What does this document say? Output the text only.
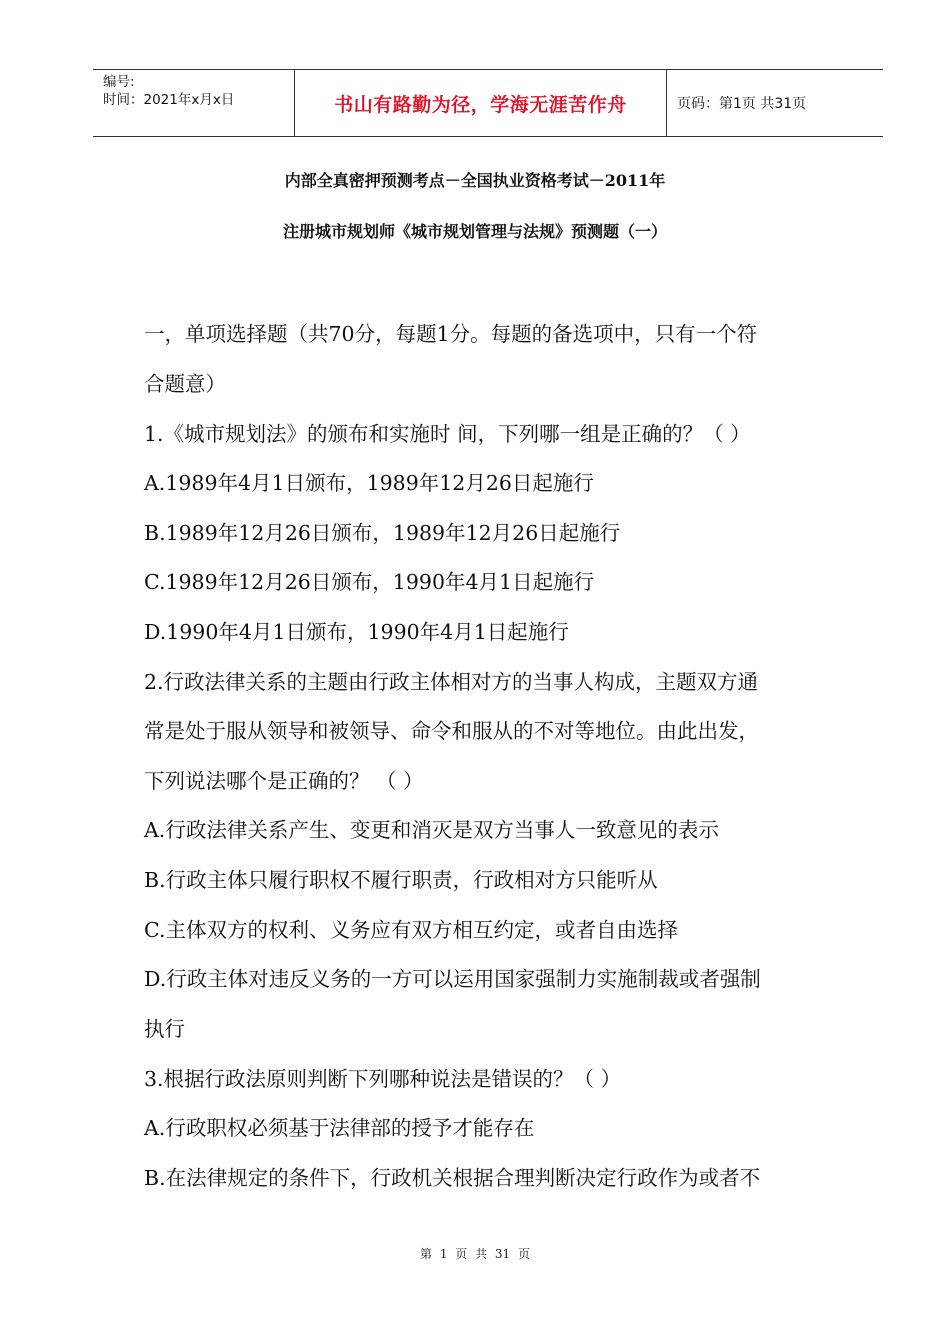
编号:
时间：2021年x月x日	书山有路勤为径，学海无涯苦作舟	页码：第1页 共31页
内部全真密押预测考点－全国执业资格考试－2011年
注册城市规划师《城市规划管理与法规》预测题（一）
一，单项选择题（共70分，每题1分。每题的备选项中，只有一个符
合题意）
1.《城市规划法》的颁布和实施时 间，下列哪一组是正确的？（ ）
A.1989年4月1日颁布，1989年12月26日起施行
B.1989年12月26日颁布，1989年12月26日起施行
C.1989年12月26日颁布，1990年4月1日起施行
D.1990年4月1日颁布，1990年4月1日起施行
2.行政法律关系的主题由行政主体相对方的当事人构成，主题双方通
常是处于服从领导和被领导、命令和服从的不对等地位。由此出发，
下列说法哪个是正确的？ （ ）
A.行政法律关系产生、变更和消灭是双方当事人一致意见的表示
B.行政主体只履行职权不履行职责，行政相对方只能听从
C.主体双方的权利、义务应有双方相互约定，或者自由选择
D.行政主体对违反义务的一方可以运用国家强制力实施制裁或者强制
执行
3.根据行政法原则判断下列哪种说法是错误的？（ ）
A.行政职权必须基于法律部的授予才能存在
B.在法律规定的条件下，行政机关根据合理判断决定行政作为或者不
第 1 页 共 31 页
